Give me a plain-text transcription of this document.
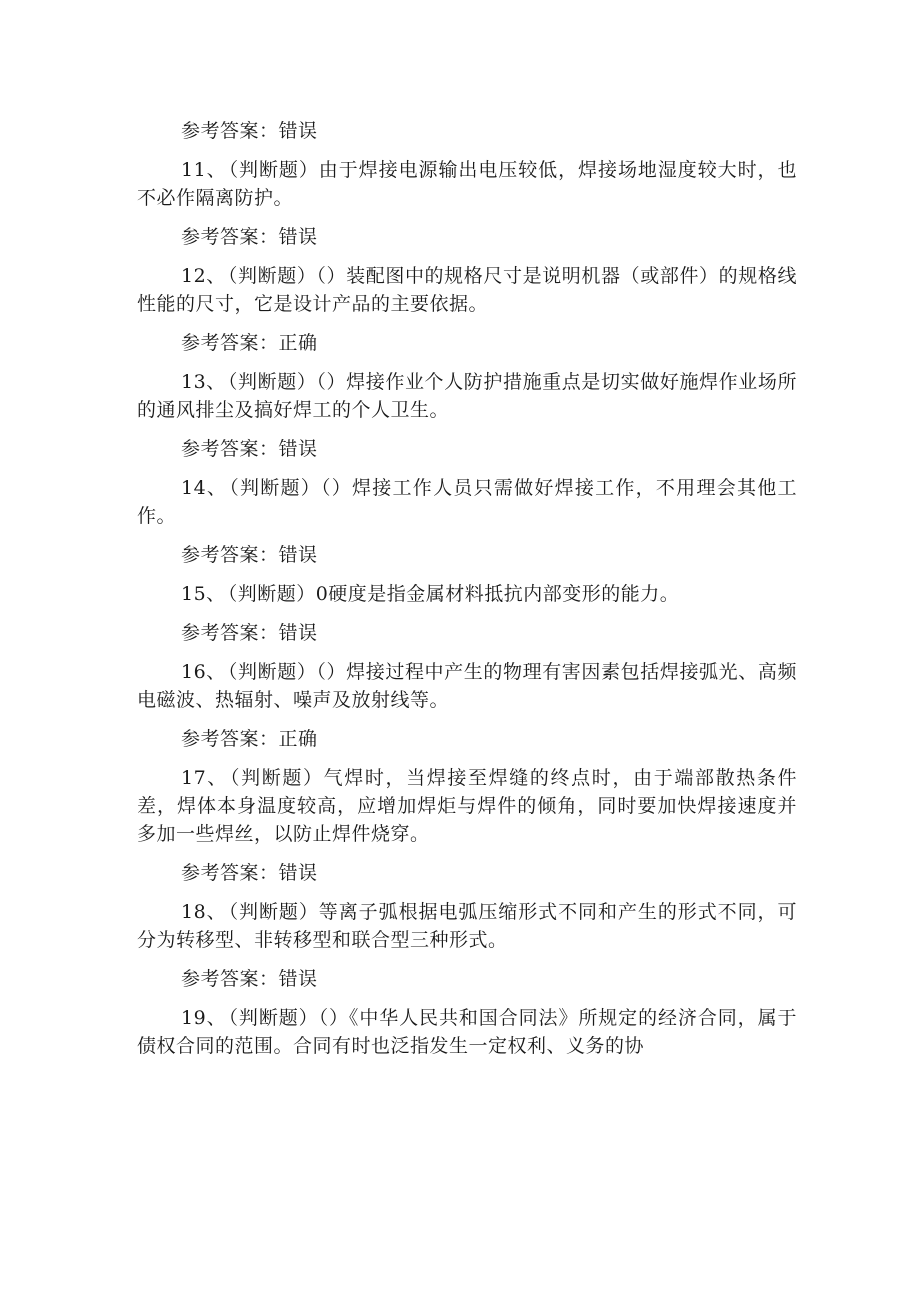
参考答案：错误

11、 （判断题）由于焊接电源输出电压较低，焊接场地湿度较大时，也不必作隔离防护。

参考答案：错误

12、 （判断题）（）装配图中的规格尺寸是说明机器（或部件）的规格线性能的尺寸，它是设计产品的主要依据。

参考答案：正确

13、 （判断题）（）焊接作业个人防护措施重点是切实做好施焊作业场所的通风排尘及搞好焊工的个人卫生。

参考答案：错误

14、 （判断题）（）焊接工作人员只需做好焊接工作，不用理会其他工作。

参考答案：错误

15、 （判断题）0硬度是指金属材料抵抗内部变形的能力。

参考答案：错误

16、 （判断题）（）焊接过程中产生的物理有害因素包括焊接弧光、高频电磁波、热辐射、噪声及放射线等。

参考答案：正确

17、 （判断题）气焊时，当焊接至焊缝的终点时，由于端部散热条件差，焊体本身温度较高，应增加焊炬与焊件的倾角，同时要加快焊接速度并多加一些焊丝，以防止焊件烧穿。

参考答案：错误

18、 （判断题）等离子弧根据电弧压缩形式不同和产生的形式不同，可分为转移型、非转移型和联合型三种形式。

参考答案：错误

19、 （判断题）（）《中华人民共和国合同法》所规定的经济合同，属于债权合同的范围。合同有时也泛指发生一定权利、义务的协
